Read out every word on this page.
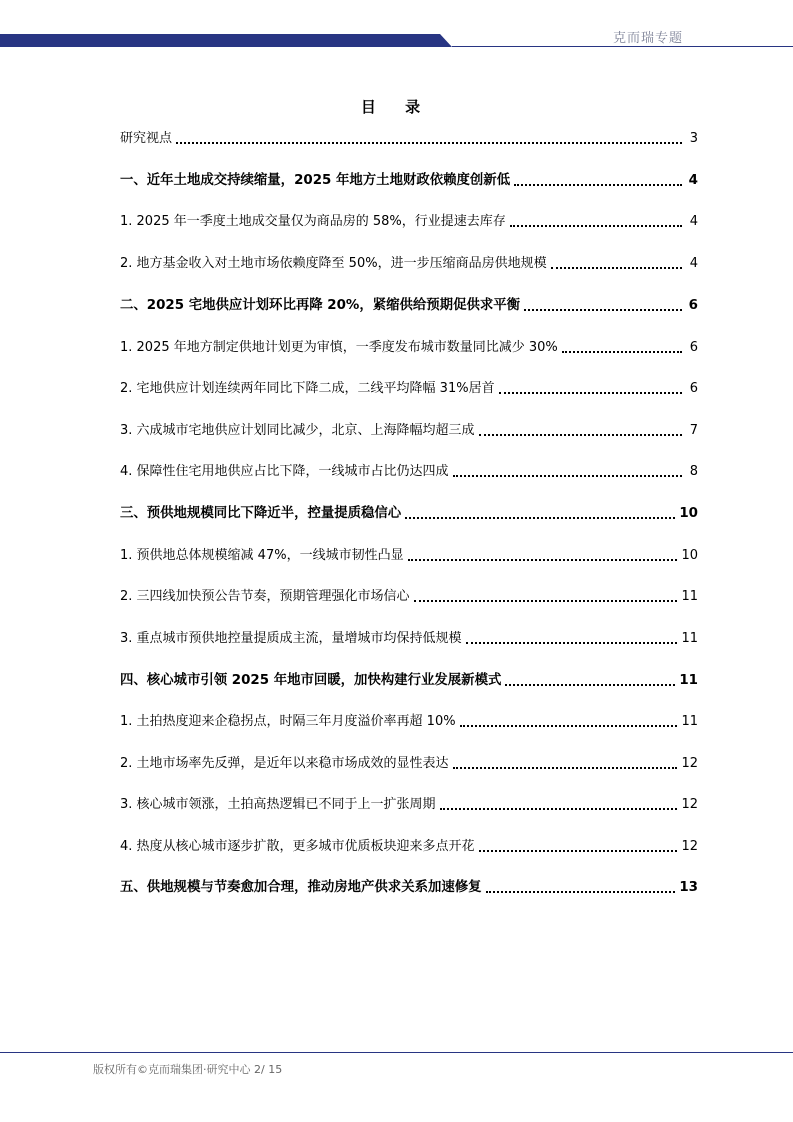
克而瑞专题
目 录
研究视点	3
一、近年土地成交持续缩量，2025 年地方土地财政依赖度创新低	4
1. 2025 年一季度土地成交量仅为商品房的 58%，行业提速去库存	4
2. 地方基金收入对土地市场依赖度降至 50%，进一步压缩商品房供地规模	4
二、2025 宅地供应计划环比再降 20%，紧缩供给预期促供求平衡	6
1. 2025 年地方制定供地计划更为审慎，一季度发布城市数量同比减少 30%	6
2. 宅地供应计划连续两年同比下降二成，二线平均降幅 31%居首	6
3. 六成城市宅地供应计划同比减少，北京、上海降幅均超三成	7
4. 保障性住宅用地供应占比下降，一线城市占比仍达四成	8
三、预供地规模同比下降近半，控量提质稳信心	10
1. 预供地总体规模缩减 47%，一线城市韧性凸显	10
2. 三四线加快预公告节奏，预期管理强化市场信心	11
3. 重点城市预供地控量提质成主流，量增城市均保持低规模	11
四、核心城市引领 2025 年地市回暖，加快构建行业发展新模式	11
1. 土拍热度迎来企稳拐点，时隔三年月度溢价率再超 10%	11
2. 土地市场率先反弹，是近年以来稳市场成效的显性表达	12
3. 核心城市领涨，土拍高热逻辑已不同于上一扩张周期	12
4. 热度从核心城市逐步扩散，更多城市优质板块迎来多点开花	12
五、供地规模与节奏愈加合理，推动房地产供求关系加速修复	13
版权所有©克而瑞集团·研究中心 2/ 15
